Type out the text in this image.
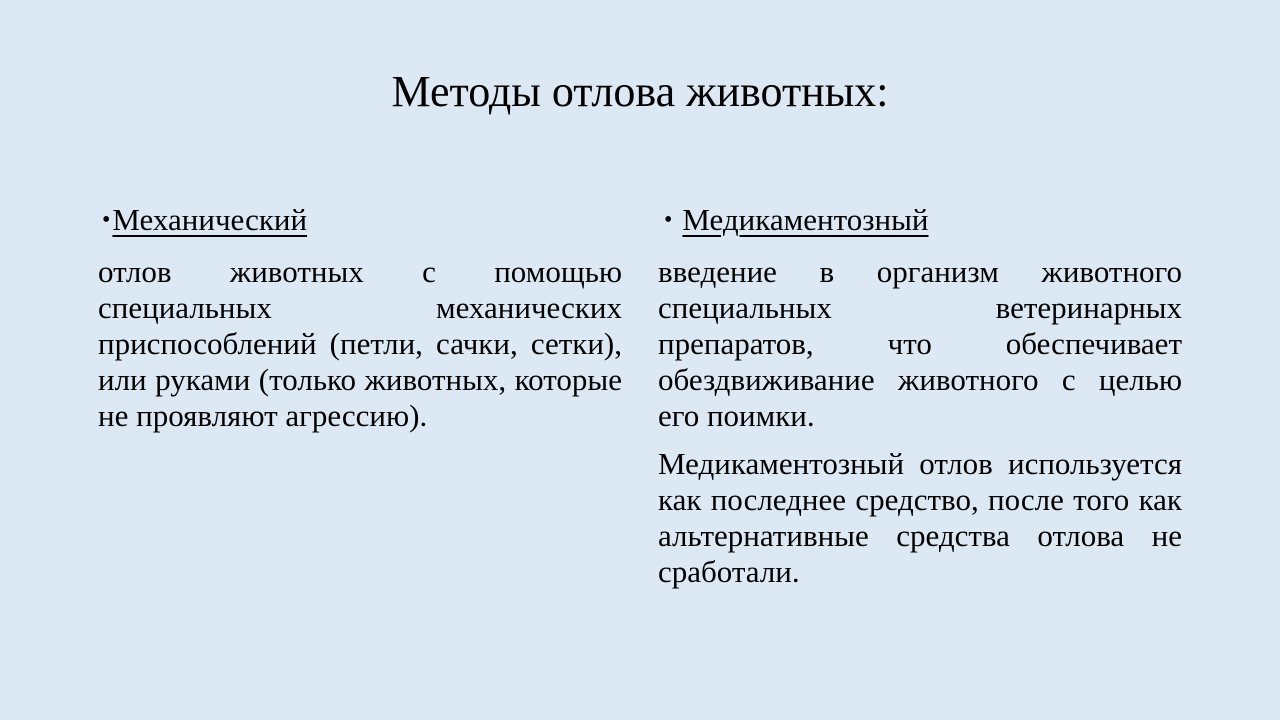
Методы отлова животных:
•Механический

отлов животных с помощью специальных механических приспособлений (петли, сачки, сетки), или руками (только животных, которые не проявляют агрессию).

• Медикаментозный

введение в организм животного специальных ветеринарных препаратов, что обеспечивает обездвиживание животного с целью его поимки.

Медикаментозный отлов используется как последнее средство, после того как альтернативные средства отлова не сработали.
